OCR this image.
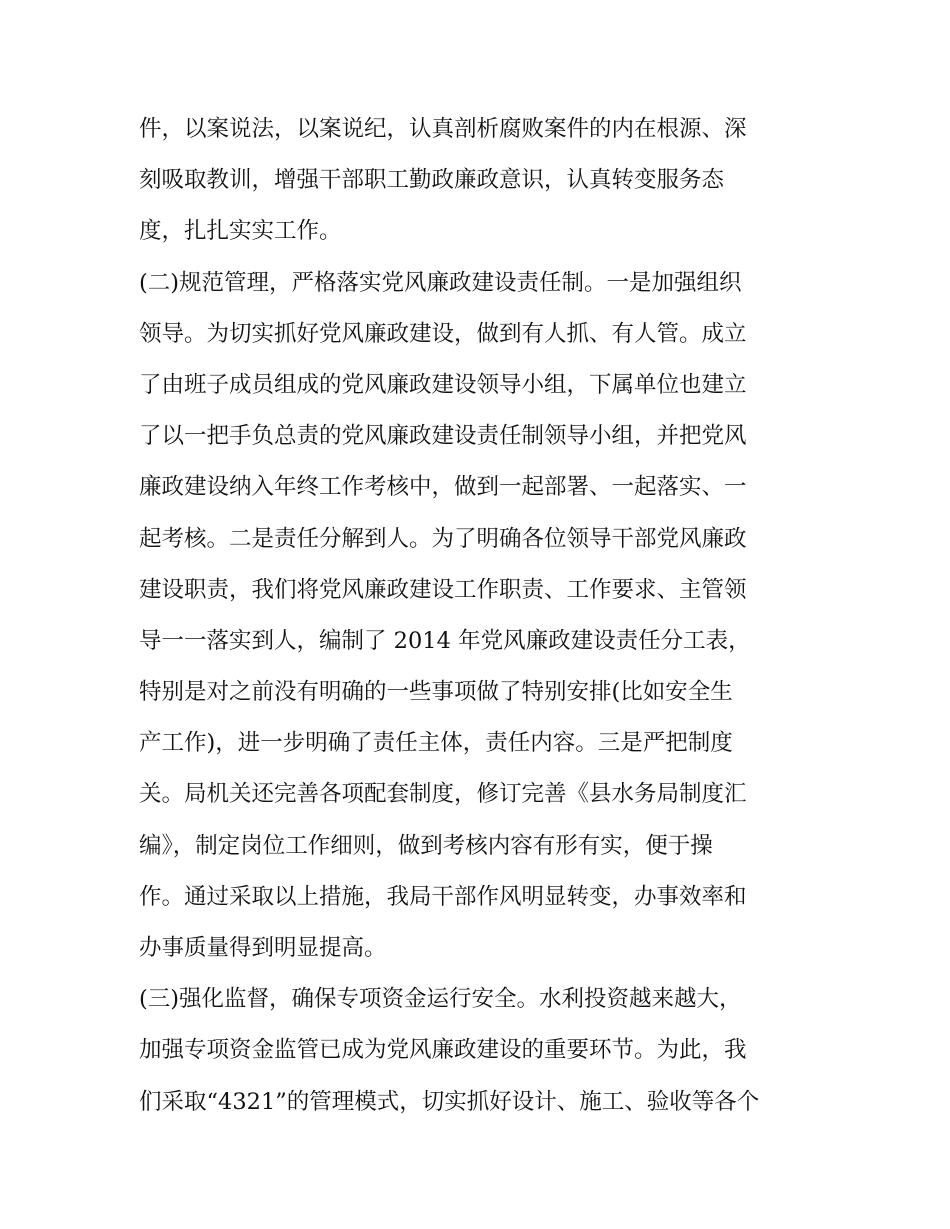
件，以案说法，以案说纪，认真剖析腐败案件的内在根源、深
刻吸取教训，增强干部职工勤政廉政意识，认真转变服务态
度，扎扎实实工作。
(二)规范管理，严格落实党风廉政建设责任制。一是加强组织
领导。为切实抓好党风廉政建设，做到有人抓、有人管。成立
了由班子成员组成的党风廉政建设领导小组，下属单位也建立
了以一把手负总责的党风廉政建设责任制领导小组，并把党风
廉政建设纳入年终工作考核中，做到一起部署、一起落实、一
起考核。二是责任分解到人。为了明确各位领导干部党风廉政
建设职责，我们将党风廉政建设工作职责、工作要求、主管领
导一一落实到人，编制了 2014 年党风廉政建设责任分工表，
特别是对之前没有明确的一些事项做了特别安排(比如安全生
产工作)，进一步明确了责任主体，责任内容。三是严把制度
关。局机关还完善各项配套制度，修订完善《县水务局制度汇
编》，制定岗位工作细则，做到考核内容有形有实，便于操
作。通过采取以上措施，我局干部作风明显转变，办事效率和
办事质量得到明显提高。
(三)强化监督，确保专项资金运行安全。水利投资越来越大，
加强专项资金监管已成为党风廉政建设的重要环节。为此，我
们采取“4321”的管理模式，切实抓好设计、施工、验收等各个
